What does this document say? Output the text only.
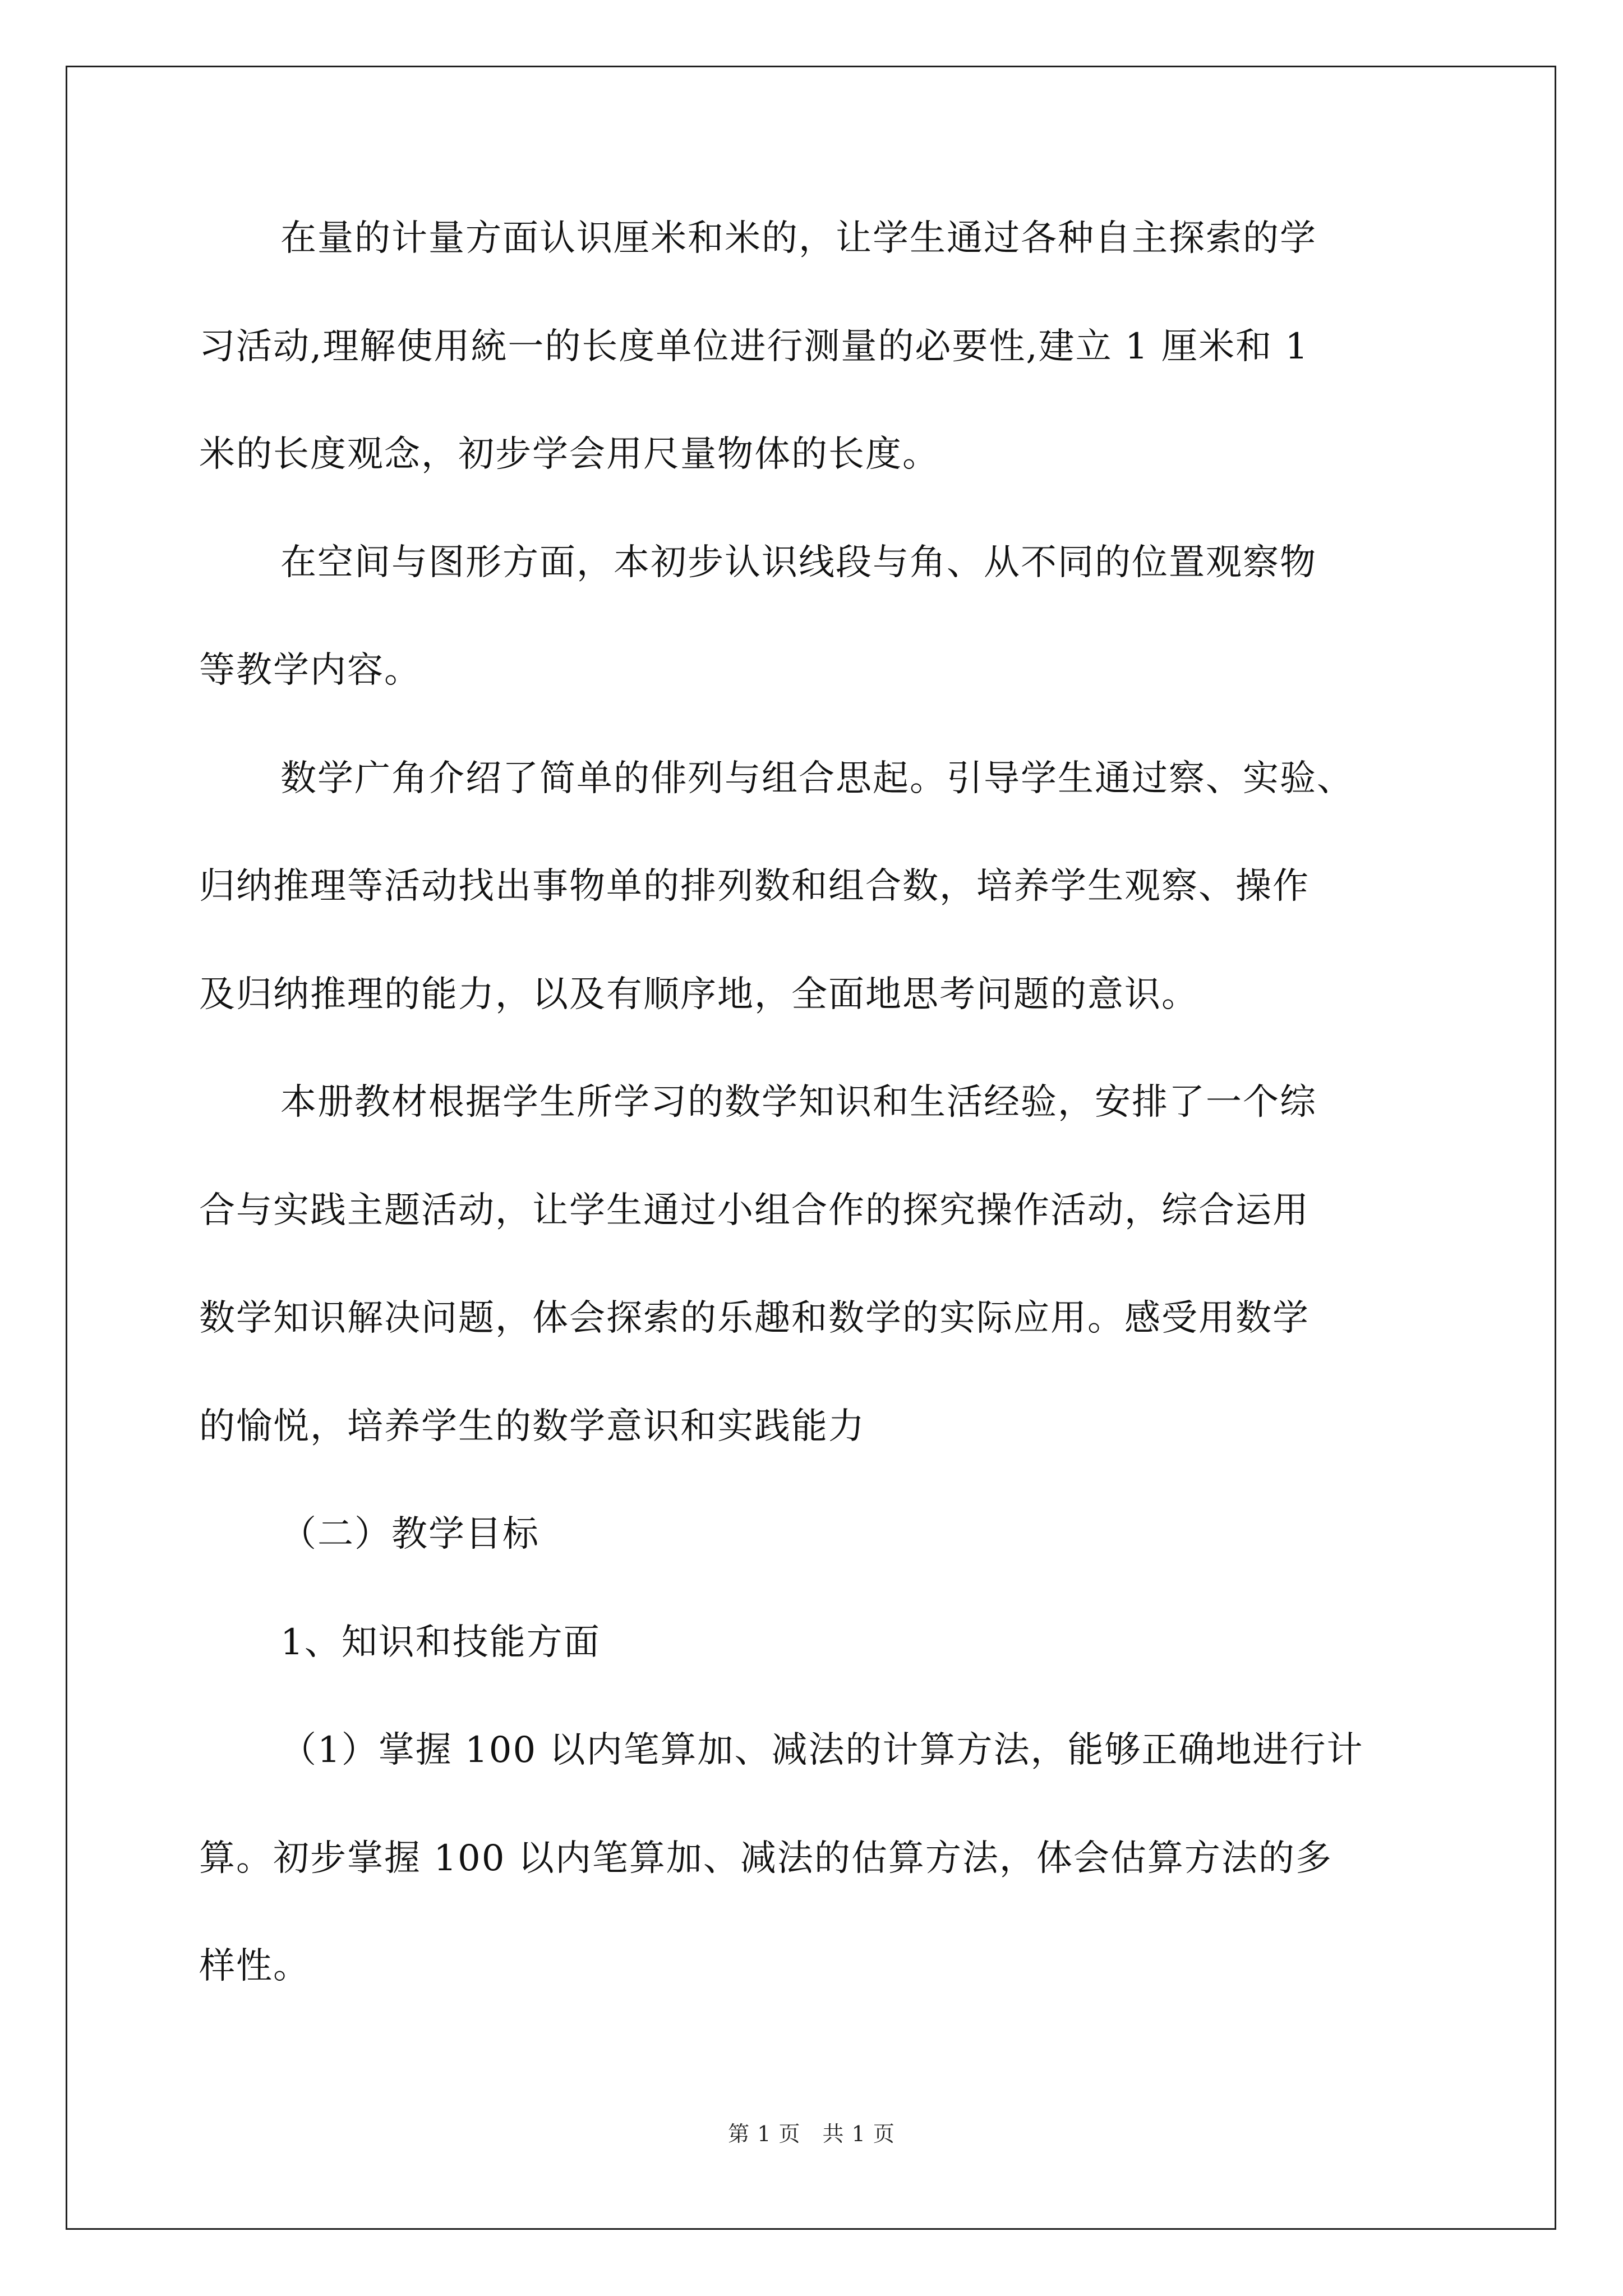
在量的计量方面认识厘米和米的，让学生通过各种自主探索的学
习活动,理解使用統一的长度单位进行测量的必要性,建立 1 厘米和 1
米的长度观念，初步学会用尺量物体的长度。
在空间与图形方面，本初步认识线段与角、从不同的位置观察物
等教学内容。
数学广角介绍了简单的俳列与组合思起。引导学生通过察、实验、
归纳推理等活动找出事物单的排列数和组合数，培养学生观察、操作
及归纳推理的能力，以及有顺序地，全面地思考问题的意识。
本册教材根据学生所学习的数学知识和生活经验，安排了一个综
合与实践主题活动，让学生通过小组合作的探究操作活动，综合运用
数学知识解决问题，体会探索的乐趣和数学的实际应用。感受用数学
的愉悦，培养学生的数学意识和实践能力
（二）教学目标
1、知识和技能方面
（1）掌握 100 以内笔算加、减法的计算方法，能够正确地进行计
算。初步掌握 100 以内笔算加、减法的估算方法，体会估算方法的多
样性。
第 1 页　共 1 页
